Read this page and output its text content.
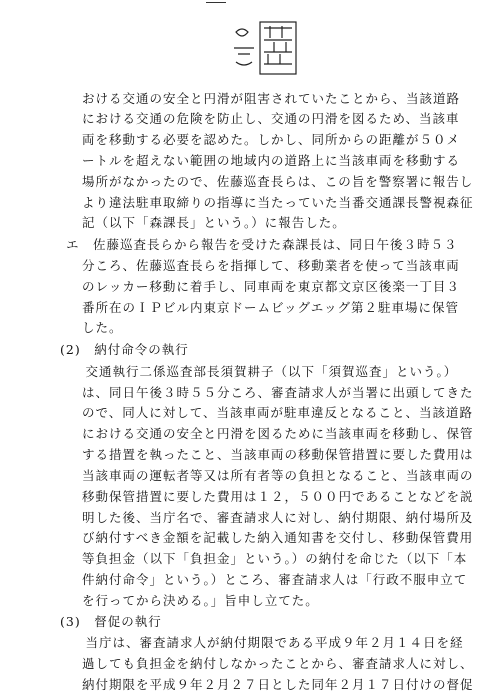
おける交通の安全と円滑が阻害されていたことから、当該道路
における交通の危険を防止し、交通の円滑を図るため、当該車
両を移動する必要を認めた。しかし、同所からの距離が５０メ
ートルを超えない範囲の地域内の道路上に当該車両を移動する
場所がなかったので、佐藤巡査長らは、この旨を警察署に報告し
より違法駐車取締りの指導に当たっていた当番交通課長警視森征
記（以下「森課長」という。）に報告した。
エ　佐藤巡査長らから報告を受けた森課長は、同日午後３時５３
分ころ、佐藤巡査長らを指揮して、移動業者を使って当該車両
のレッカー移動に着手し、同車両を東京都文京区後楽一丁目３
番所在のＩＰビル内東京ドームビッグエッグ第２駐車場に保管
した。
(2)　納付命令の執行
　交通執行二係巡査部長須賀耕子（以下「須賀巡査」という。）
は、同日午後３時５５分ころ、審査請求人が当署に出頭してきた
ので、同人に対して、当該車両が駐車違反となること、当該道路
における交通の安全と円滑を図るために当該車両を移動し、保管
する措置を執ったこと、当該車両の移動保管措置に要した費用は
当該車両の運転者等又は所有者等の負担となること、当該車両の
移動保管措置に要した費用は１２，５００円であることなどを説
明した後、当庁名で、審査請求人に対し、納付期限、納付場所及
び納付すべき金額を記載した納入通知書を交付し、移動保管費用
等負担金（以下「負担金」という。）の納付を命じた（以下「本
件納付命令」という。）ところ、審査請求人は「行政不服申立て
を行ってから決める。」旨申し立てた。
(3)　督促の執行
　当庁は、審査請求人が納付期限である平成９年２月１４日を経
過しても負担金を納付しなかったことから、審査請求人に対し、
納付期限を平成９年２月２７日とした同年２月１７日付けの督促
